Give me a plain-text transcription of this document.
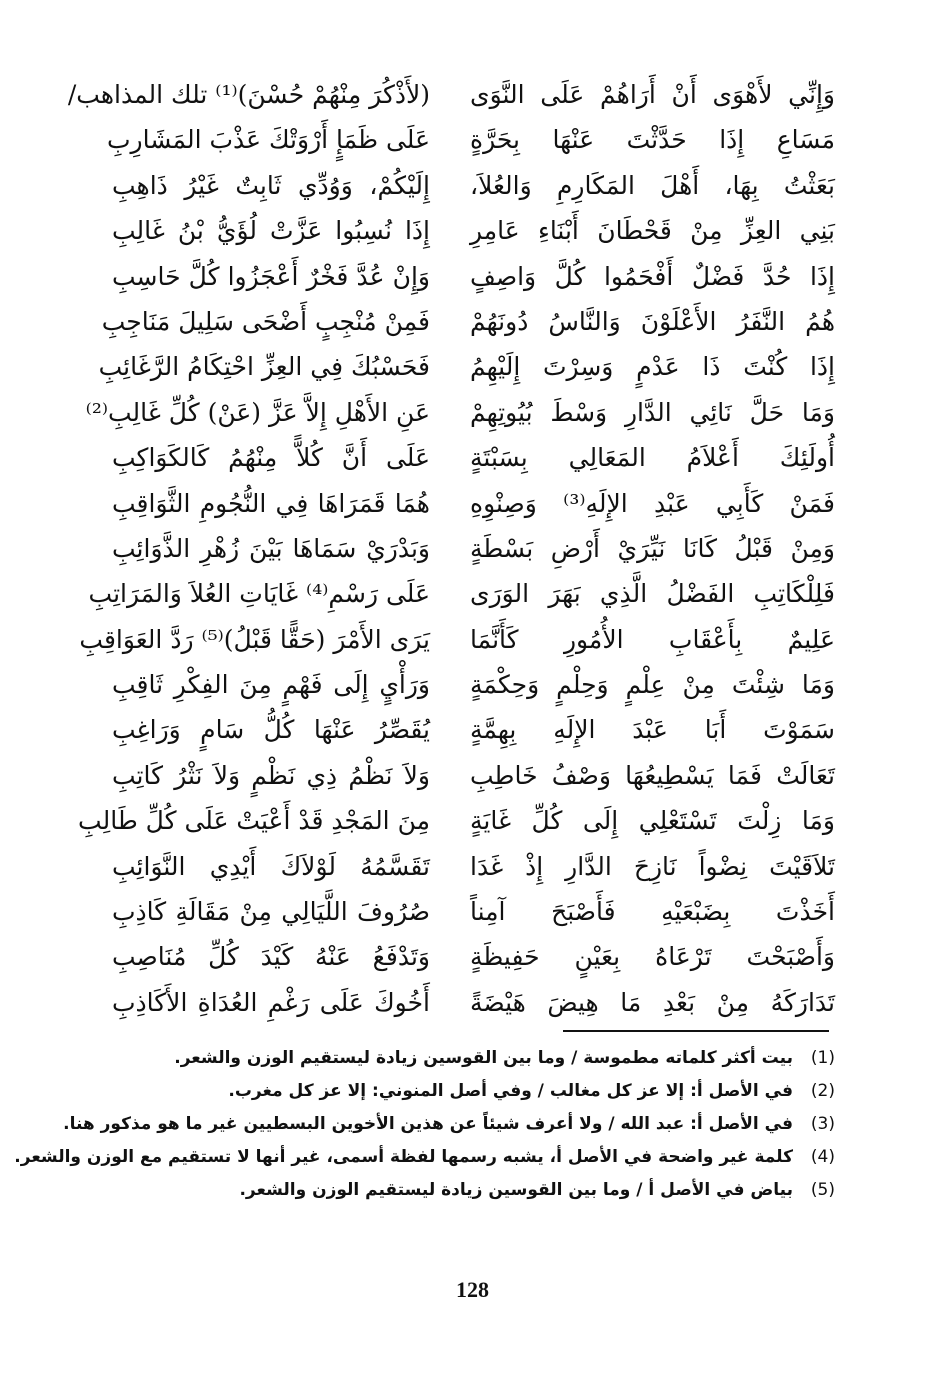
وَإِنِّي لأَهْوَى أَنْ أَرَاهُمْ عَلَى النَّوَى
مَسَاعِ إِذَا حَدَّثْتَ عَنْهَا بِحَرَّةٍ
بَعَثْتُ بِهَا، أَهْلَ المَكَارِمِ وَالعُلاَ،
بَنِي العِزِّ مِنْ قَحْطَانَ أَبْنَاءِ عَامِرِ
إِذَا حُدَّ فَضْلٌ أَفْحَمُوا كُلَّ وَاصِفٍ
هُمُ النَّفَرُ الأَعْلَوْنَ وَالنَّاسُ دُونَهُمْ
إِذَا كُنْتَ ذَا عَدْمٍ وَسِرْتَ إِلَيْهِمُ
وَمَا حَلَّ نَائِي الدَّارِ وَسْطَ بُيُوتِهِمْ
أُولَئِكَ أَعْلاَمُ المَعَالِي بِسَبْتَةٍ
فَمَنْ كَأَبِي عَبْدِ الإِلَهِ⁽³⁾ وَصِنْوِهِ
وَمِنْ قَبْلُ كَانَا نَيِّرَيْ أَرْضِ بَسْطَةٍ
فَلِلْكَاتِبِ الفَضْلُ الَّذِي بَهَرَ الوَرَى
عَلِيمٌ بِأَعْقَابِ الأُمُورِ كَأَنَّمَا
وَمَا شِئْتَ مِنْ عِلْمٍ وَحِلْمٍ وَحِكْمَةٍ
سَمَوْتَ أَبَا عَبْدَ الإِلَهِ بِهِمَّةٍ
تَعَالَتْ فَمَا يَسْطِيعُهَا وَصْفُ خَاطِبِ
وَمَا زِلْتَ تَسْتَعْلِي إِلَى كُلِّ غَايَةٍ
تَلاَقَيْتَ نِضْواً نَازِحَ الدَّارِ إِذْ غَدَا
أَخَذْتَ بِضَبْعَيْهِ فَأَصْبَحَ آمِناً
وَأَصْبَحْتَ تَرْعَاهُ بِعَيْنٍ حَفِيظَةٍ
تَدَارَكَهُ مِنْ بَعْدِ مَا هِيضَ هَيْضَةً
(لأَذْكُرَ مِنْهُمْ حُسْنَ)⁽¹⁾ تلك المذاهب/
عَلَى ظَمَإٍ أَرْوَتْكَ عَذْبَ المَشَارِبِ
إِلَيْكُمْ، وَوُدِّي ثَابِتٌ غَيْرُ ذَاهِبِ
إِذَا نُسِبُوا عَزَّتْ لُؤَيُّ بْنُ غَالِبِ
وَإِنْ عُدَّ فَخْرٌ أَعْجَزُوا كُلَّ حَاسِبِ
فَمِنْ مُنْجِبٍ أَضْحَى سَلِيلَ مَنَاجِبِ
فَحَسْبُكَ فِي العِزِّ احْتِكَامُ الرَّغَائِبِ
عَنِ الأَهْلِ إِلاَّ عَزَّ (عَنْ) كُلِّ غَالِبِ⁽²⁾
عَلَى أَنَّ كُلاًّ مِنْهُمُ كَالكَوَاكِبِ
هُمَا قَمَرَاهَا فِي النُّجُومِ الثَّوَاقِبِ
وَبَدْرَيْ سَمَاهَا بَيْنَ زُهْرِ الذَّوَائِبِ
عَلَى رَسْمِ⁽⁴⁾ غَايَاتِ العُلاَ وَالمَرَاتِبِ
يَرَى الأَمْرَ (حَقًّا قَبْلُ)⁽⁵⁾ رَدَّ العَوَاقِبِ
وَرَأْيٍ إِلَى فَهْمٍ مِنَ الفِكْرِ ثَاقِبِ
يُقَصِّرُ عَنْهَا كُلُّ سَامٍ وَرَاغِبِ
وَلاَ نَظْمُ ذِي نَظْمٍ وَلاَ نَثْرُ كَاتِبِ
مِنَ المَجْدِ قَدْ أَعْيَتْ عَلَى كُلِّ طَالِبِ
تَقَسَّمُهُ لَوْلاَكَ أَيْدِي النَّوَائِبِ
صُرُوفَ اللَّيَالِي مِنْ مَقَالَةِ كَاذِبِ
وَتَدْفَعُ عَنْهُ كَيْدَ كُلِّ مُنَاصِبِ
أَخُوكَ عَلَى رَغْمِ العُدَاةِ الأَكَاذِبِ
(1)بيت أكثر كلماته مطموسة / وما بين القوسين زيادة ليستقيم الوزن والشعر.
(2)في الأصل أ: إلا عز كل مغالب / وفي أصل المنوني: إلا عز كل مغرب.
(3)في الأصل أ: عبد الله / ولا أعرف شيئاً عن هذين الأخوين البسطيين غير ما هو مذكور هنا.
(4)كلمة غير واضحة في الأصل أ، يشبه رسمها لفظة أسمى، غير أنها لا تستقيم مع الوزن والشعر.
(5)بياض في الأصل أ / وما بين القوسين زيادة ليستقيم الوزن والشعر.
128
